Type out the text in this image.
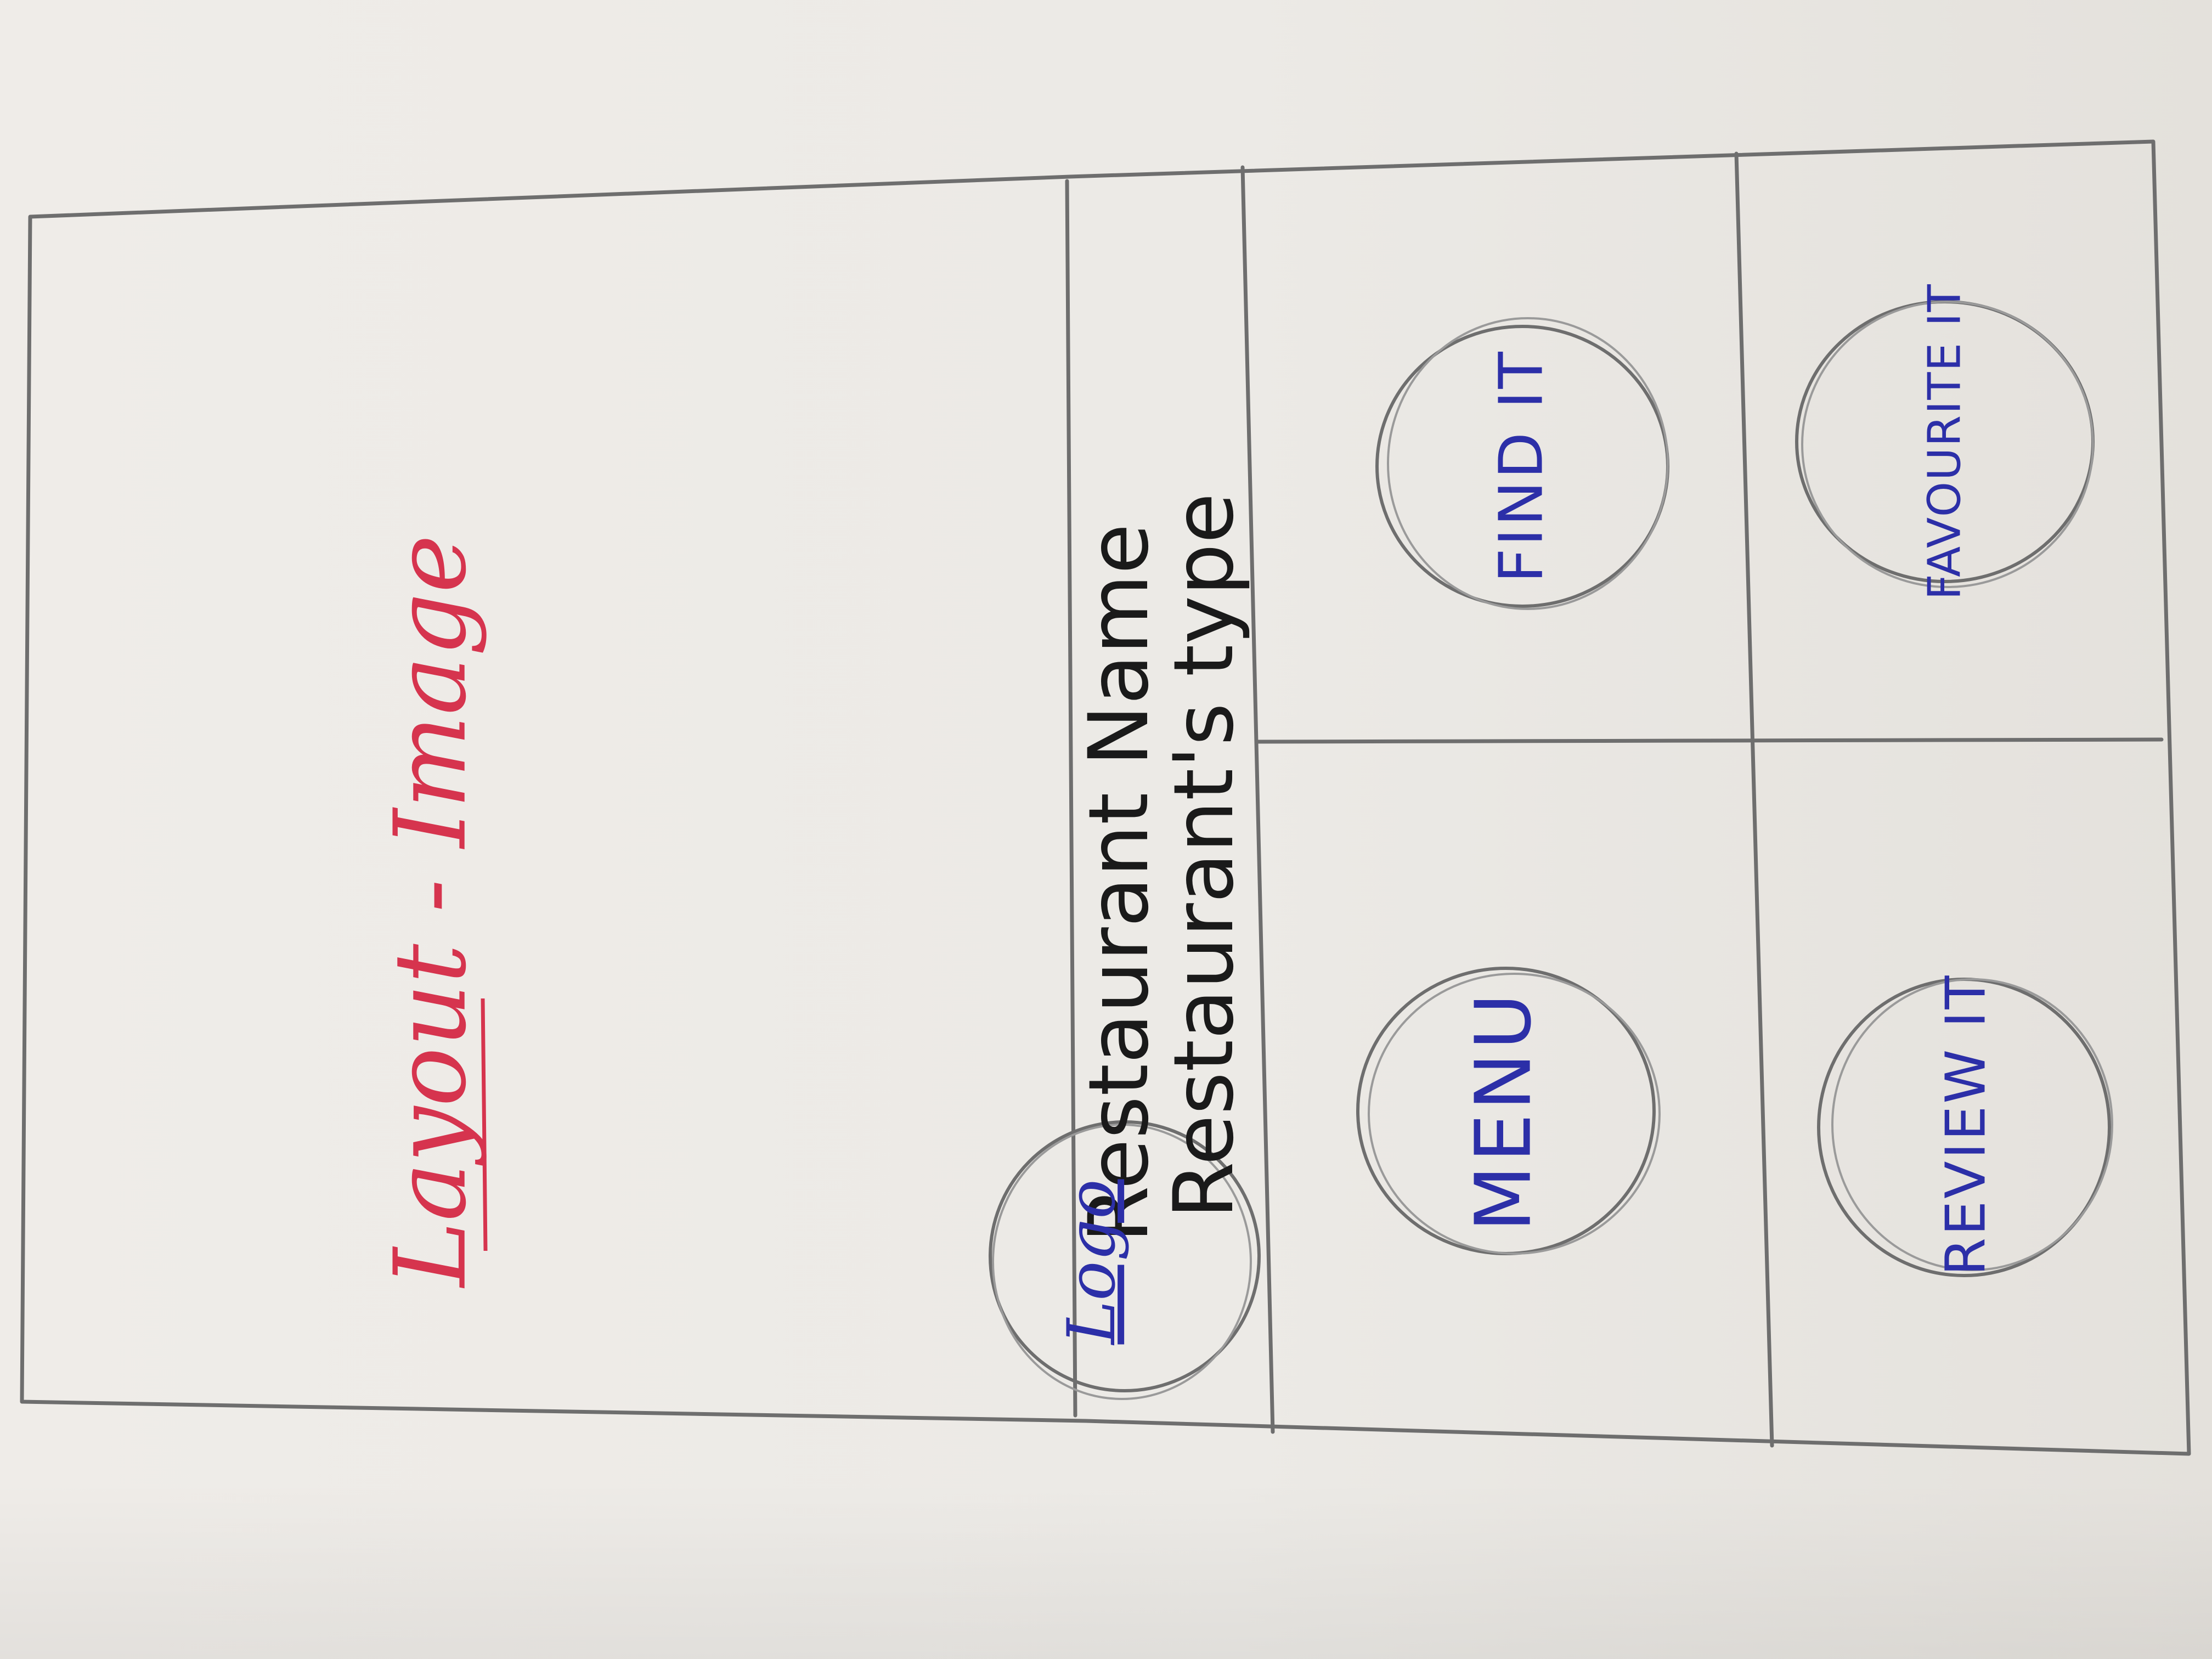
Layout - Image	Restaurant Name
Restaurant's type
Logo
MENU
FIND IT
REVIEW IT
FAVOURITE IT
